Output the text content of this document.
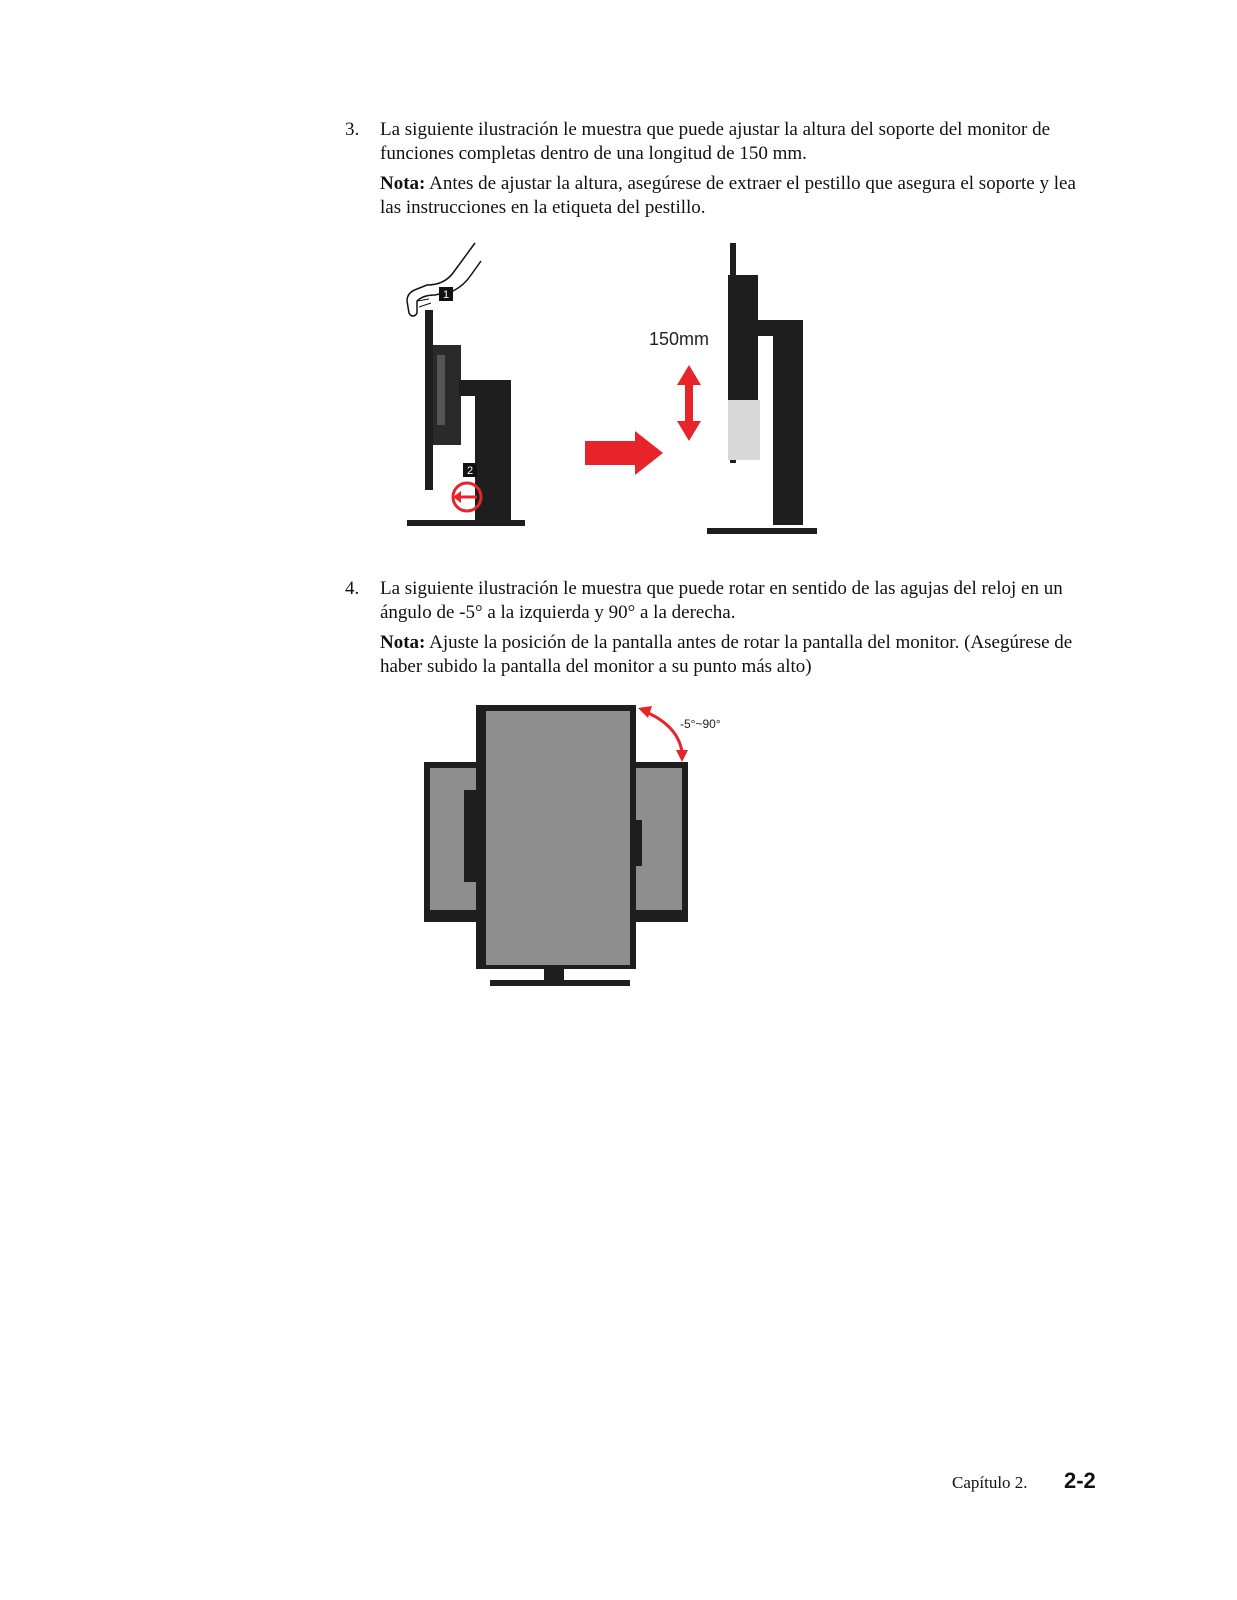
3. La siguiente ilustración le muestra que puede ajustar la altura del soporte del monitor de funciones completas dentro de una longitud de 150 mm.
Nota: Antes de ajustar la altura, asegúrese de extraer el pestillo que asegura el soporte y lea las instrucciones en la etiqueta del pestillo.
1
2
150mm
4. La siguiente ilustración le muestra que puede rotar en sentido de las agujas del reloj en un ángulo de -5° a la izquierda y 90° a la derecha.
Nota: Ajuste la posición de la pantalla antes de rotar la pantalla del monitor. (Asegúrese de haber subido la pantalla del monitor a su punto más alto)
-5°~90°
Capítulo 2. 2-2
